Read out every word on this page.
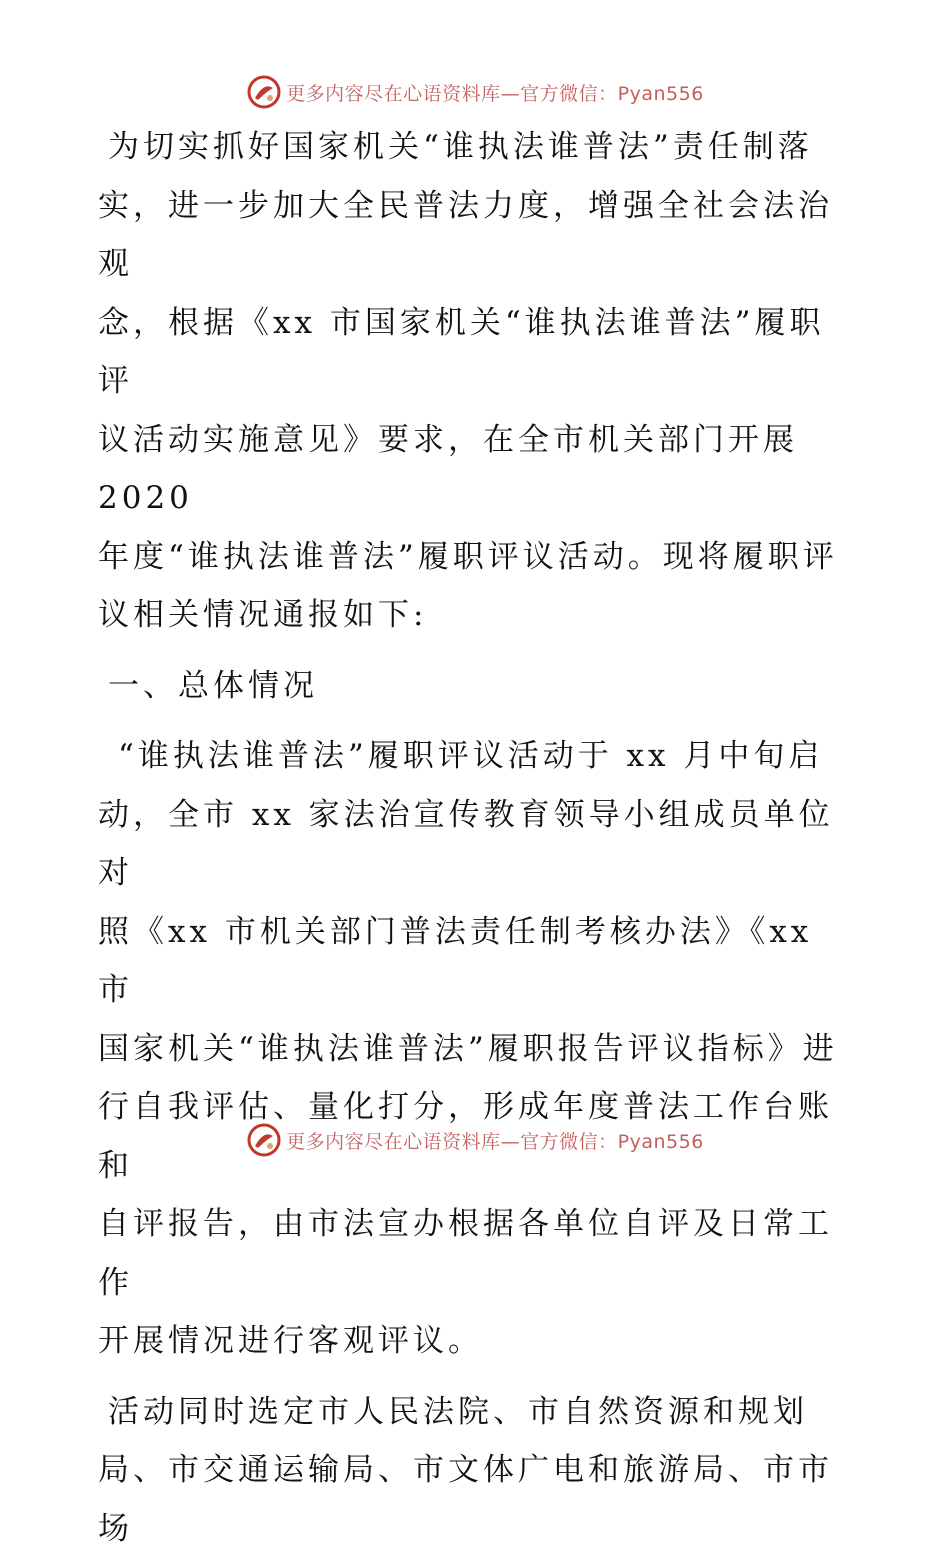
更多内容尽在心语资料库—官方微信：Pyan556

为切实抓好国家机关“谁执法谁普法”责任制落

实，进一步加大全民普法力度，增强全社会法治观

念，根据《xx 市国家机关“谁执法谁普法”履职评

议活动实施意见》要求，在全市机关部门开展 2020

年度“谁执法谁普法”履职评议活动。现将履职评

议相关情况通报如下:

一、总体情况

“谁执法谁普法”履职评议活动于 xx 月中旬启

动，全市 xx 家法治宣传教育领导小组成员单位对

照《xx 市机关部门普法责任制考核办法》《xx 市

国家机关“谁执法谁普法”履职报告评议指标》进

行自我评估、量化打分，形成年度普法工作台账和

自评报告，由市法宣办根据各单位自评及日常工作

开展情况进行客观评议。

活动同时选定市人民法院、市自然资源和规划

局、市交通运输局、市文体广电和旅游局、市市场

更多内容尽在心语资料库—官方微信：Pyan556
